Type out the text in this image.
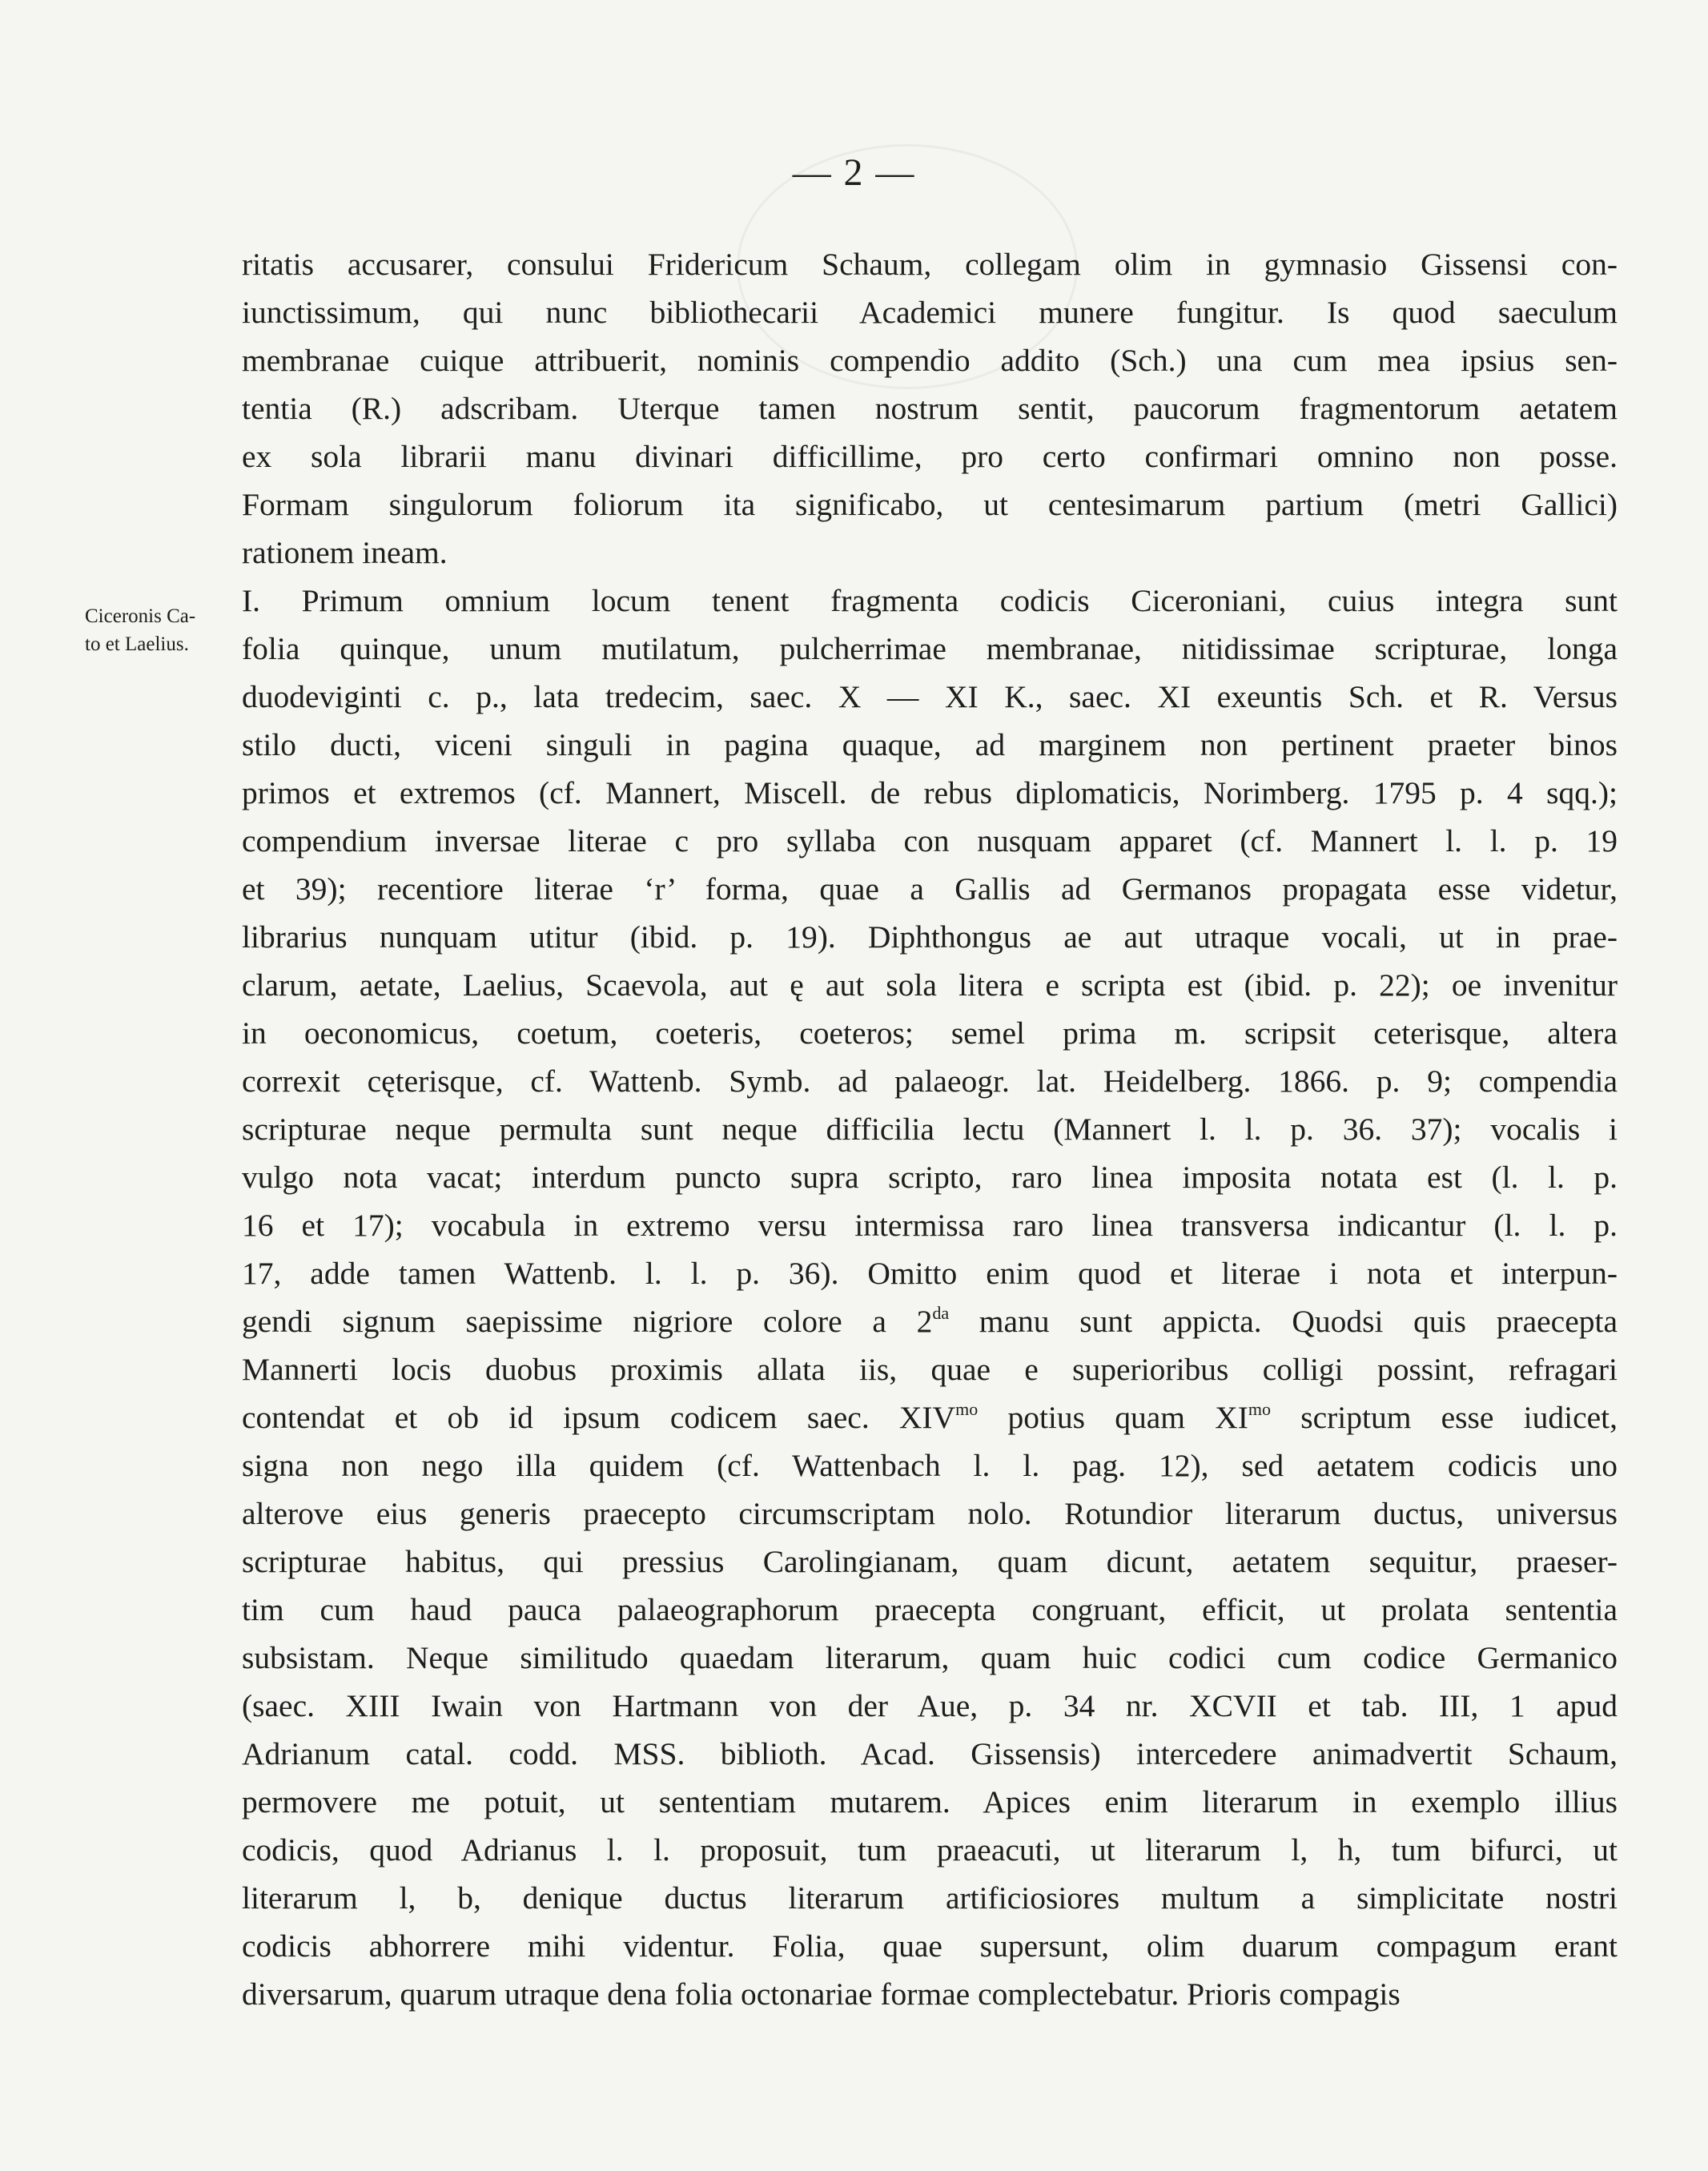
— 2 —
Ciceronis Ca-
to et Laelius.
ritatis accusarer, consului Fridericum Schaum, collegam olim in gymnasio Gissensi con-
iunctissimum, qui nunc bibliothecarii Academici munere fungitur. Is quod saeculum
membranae cuique attribuerit, nominis compendio addito (Sch.) una cum mea ipsius sen-
tentia (R.) adscribam. Uterque tamen nostrum sentit, paucorum fragmentorum aetatem
ex sola librarii manu divinari difficillime, pro certo confirmari omnino non posse.
Formam singulorum foliorum ita significabo, ut centesimarum partium (metri Gallici)
rationem ineam.
I. Primum omnium locum tenent fragmenta codicis Ciceroniani, cuius integra sunt
folia quinque, unum mutilatum, pulcherrimae membranae, nitidissimae scripturae, longa
duodeviginti c. p., lata tredecim, saec. X — XI K., saec. XI exeuntis Sch. et R. Versus
stilo ducti, viceni singuli in pagina quaque, ad marginem non pertinent praeter binos
primos et extremos (cf. Mannert, Miscell. de rebus diplomaticis, Norimberg. 1795 p. 4 sqq.);
compendium inversae literae c pro syllaba con nusquam apparet (cf. Mannert l. l. p. 19
et 39); recentiore literae ‘r’ forma, quae a Gallis ad Germanos propagata esse videtur,
librarius nunquam utitur (ibid. p. 19). Diphthongus ae aut utraque vocali, ut in prae-
clarum, aetate, Laelius, Scaevola, aut ę aut sola litera e scripta est (ibid. p. 22); oe invenitur
in oeconomicus, coetum, coeteris, coeteros; semel prima m. scripsit ceterisque, altera
correxit cęterisque, cf. Wattenb. Symb. ad palaeogr. lat. Heidelberg. 1866. p. 9; compendia
scripturae neque permulta sunt neque difficilia lectu (Mannert l. l. p. 36. 37); vocalis i
vulgo nota vacat; interdum puncto supra scripto, raro linea imposita notata est (l. l. p.
16 et 17); vocabula in extremo versu intermissa raro linea transversa indicantur (l. l. p.
17, adde tamen Wattenb. l. l. p. 36). Omitto enim quod et literae i nota et interpun-
gendi signum saepissime nigriore colore a $2^{da}$ manu sunt appicta. Quodsi quis praecepta
Mannerti locis duobus proximis allata iis, quae e superioribus colligi possint, refragari
contendat et ob id ipsum codicem saec. $XIV^{mo}$ potius quam $XI^{mo}$ scriptum esse iudicet,
signa non nego illa quidem (cf. Wattenbach l. l. pag. 12), sed aetatem codicis uno
alterove eius generis praecepto circumscriptam nolo. Rotundior literarum ductus, universus
scripturae habitus, qui pressius Carolingianam, quam dicunt, aetatem sequitur, praeser-
tim cum haud pauca palaeographorum praecepta congruant, efficit, ut prolata sententia
subsistam. Neque similitudo quaedam literarum, quam huic codici cum codice Germanico
(saec. XIII Iwain von Hartmann von der Aue, p. 34 nr. XCVII et tab. III, 1 apud
Adrianum catal. codd. MSS. biblioth. Acad. Gissensis) intercedere animadvertit Schaum,
permovere me potuit, ut sententiam mutarem. Apices enim literarum in exemplo illius
codicis, quod Adrianus l. l. proposuit, tum praeacuti, ut literarum l, h, tum bifurci, ut
literarum l, b, denique ductus literarum artificiosiores multum a simplicitate nostri
codicis abhorrere mihi videntur. Folia, quae supersunt, olim duarum compagum erant
diversarum, quarum utraque dena folia octonariae formae complectebatur. Prioris compagis
